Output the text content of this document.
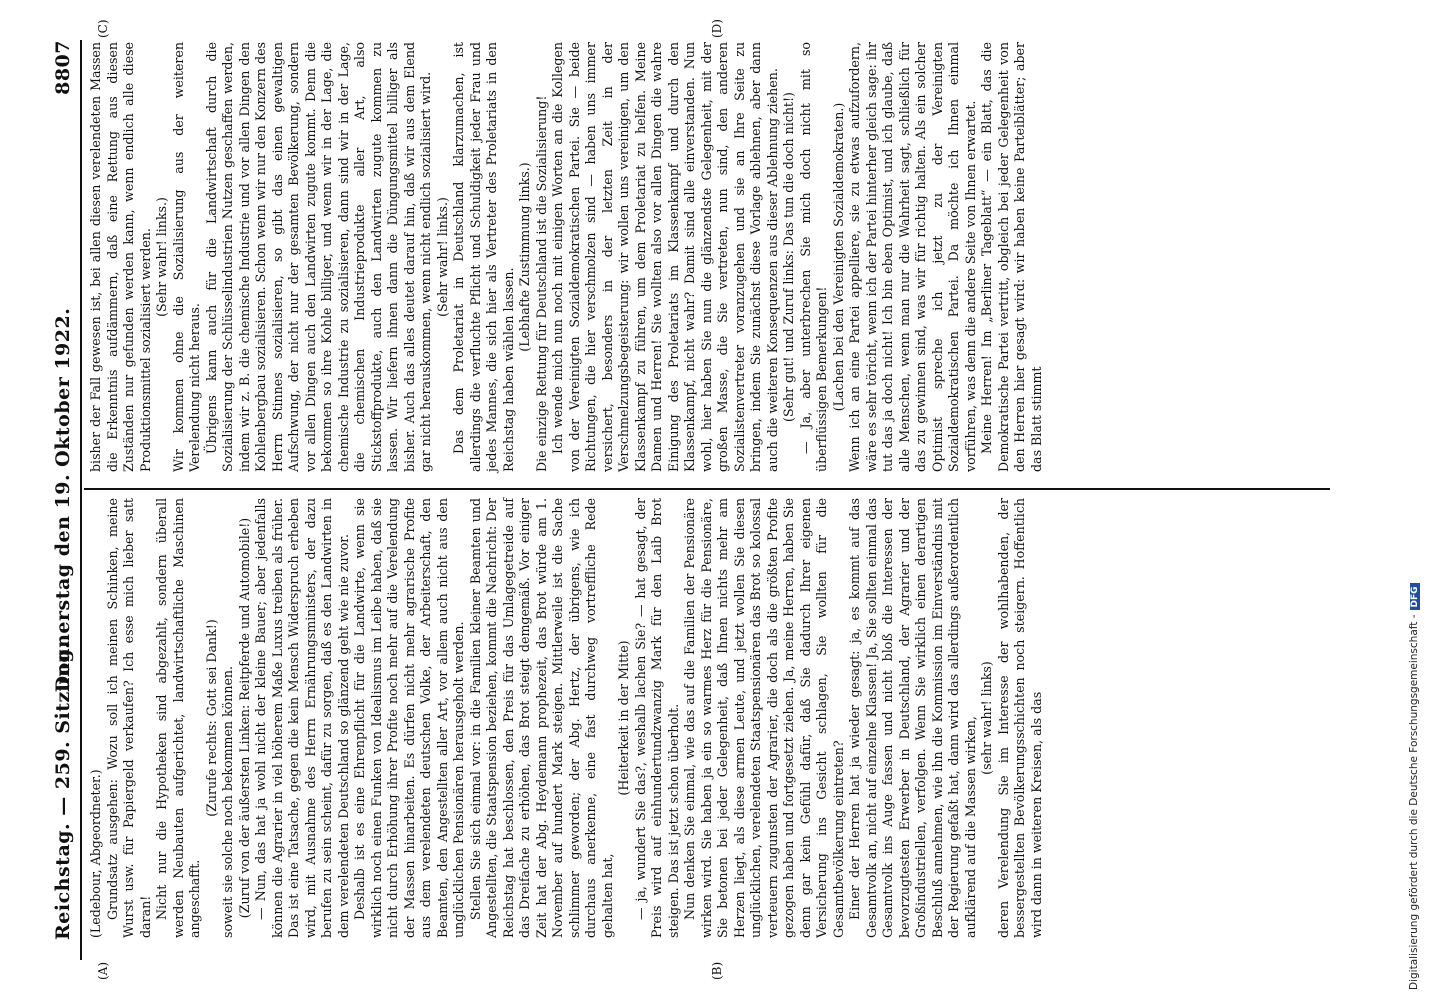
Reichstag. — 259. Sitzung.
Donnerstag den 19. Oktober 1922.
8807
(A)	(B)
(C)	(D)

(Ledebour, Abgeordneter.) Grundsatz ausgehen: Wozu soll ich meinen Schinken, meine Wurst usw. für Papiergeld verkaufen? Ich esse mich lieber satt daran! Nicht nur die Hypotheken sind abgezahlt, sondern überall werden Neubauten aufgerichtet, landwirtschaftliche Maschinen angeschafft.

(Zurufe rechts: Gott sei Dank!) soweit sie solche noch bekommen können. (Zuruf von der äußersten Linken: Reitpferde und Automobile!) — Nun, das hat ja wohl nicht der kleine Bauer; aber jedenfalls können die Agrarier in viel höherem Maße Luxus treiben als früher. Das ist eine Tatsache, gegen die kein Mensch Widerspruch erheben wird, mit Ausnahme des Herrn Ernährungsministers, der dazu berufen zu sein scheint, dafür zu sorgen, daß es den Landwirten in dem verelendeten Deutschland so glänzend geht wie nie zuvor. Deshalb ist es eine Ehrenpflicht für die Landwirte, wenn sie wirklich noch einen Funken von Idealismus im Leibe haben, daß sie nicht durch Erhöhung ihrer Profite noch mehr auf die Verelendung der Massen hinarbeiten. Es dürfen nicht mehr agrarische Profite aus dem verelendeten deutschen Volke, der Arbeiterschaft, den Beamten, den Angestellten aller Art, vor allem auch nicht aus den unglücklichen Pensionären herausgeholt werden. Stellen Sie sich einmal vor: in die Familien kleiner Beamten und Angestellten, die Staatspension beziehen, kommt die Nachricht: Der Reichstag hat beschlossen, den Preis für das Umlagegetreide auf das Dreifache zu erhöhen, das Brot steigt demgemäß. Vor einiger Zeit hat der Abg. Heydemann prophezeit, das Brot würde am 1. November auf hundert Mark steigen. Mittlerweile ist die Sache schlimmer geworden; der Abg. Hertz, der übrigens, wie ich durchaus anerkenne, eine fast durchweg vortreffliche Rede gehalten hat,

(Heiterkeit in der Mitte) — ja, wundert Sie das?, weshalb lachen Sie? — hat gesagt, der Preis wird auf einhundertundzwanzig Mark für den Laib Brot steigen. Das ist jetzt schon überholt. Nun denken Sie einmal, wie das auf die Familien der Pensionäre wirken wird. Sie haben ja ein so warmes Herz für die Pensionäre, Sie betonen bei jeder Gelegenheit, daß Ihnen nichts mehr am Herzen liegt, als diese armen Leute, und jetzt wollen Sie diesen unglücklichen, verelendeten Staatspensionären das Brot so kolossal verteuern zugunsten der Agrarier, die doch als die größten Profite gezogen haben und fortgesetzt ziehen. Ja, meine Herren, haben Sie denn gar kein Gefühl dafür, daß Sie dadurch Ihrer eigenen Versicherung ins Gesicht schlagen, Sie wollten für die Gesamtbevölkerung eintreten? Einer der Herren hat ja wieder gesagt: ja, es kommt auf das Gesamtvolk an, nicht auf einzelne Klassen! Ja, Sie sollten einmal das Gesamtvolk ins Auge fassen und nicht bloß die Interessen der bevorzugtesten Erwerber in Deutschland, der Agrarier und der Großindustriellen, verfolgen. Wenn Sie wirklich einen derartigen Beschluß annehmen, wie ihn die Kommission im Einverständnis mit der Regierung gefaßt hat, dann wird das allerdings außerordentlich aufklärend auf die Massen wirken, (sehr wahr! links) deren Verelendung Sie im Interesse der wohlhabenden, der bessergestellten Bevölkerungsschichten noch steigern. Hoffentlich wird dann in weiteren Kreisen, als das

bisher der Fall gewesen ist, bei allen diesen verelendeten Massen die Erkenntnis aufdämmern, daß eine Rettung aus diesen Zuständen nur gefunden werden kann, wenn endlich alle diese Produktionsmittel sozialisiert werden. (Sehr wahr! links.) Wir kommen ohne die Sozialisierung aus der weiteren Verelendung nicht heraus. Übrigens kann auch für die Landwirtschaft durch die Sozialisierung der Schlüsselindustrien Nutzen geschaffen werden, indem wir z. B. die chemische Industrie und vor allen Dingen den Kohlenbergbau sozialisieren. Schon wenn wir nur den Konzern des Herrn Stinnes sozialisieren, so gibt das einen gewaltigen Aufschwung, der nicht nur der gesamten Bevölkerung, sondern vor allen Dingen auch den Landwirten zugute kommt. Denn die bekommen so ihre Kohle billiger, und wenn wir in der Lage, die chemische Industrie zu sozialisieren, dann sind wir in der Lage, die chemischen Industrieprodukte aller Art, also Stickstoffprodukte, auch den Landwirten zugute kommen zu lassen. Wir liefern ihnen dann die Düngungsmittel billiger als bisher. Auch das alles deutet darauf hin, daß wir aus dem Elend gar nicht herauskommen, wenn nicht endlich sozialisiert wird. (Sehr wahr! links.) Das dem Proletariat in Deutschland klarzumachen, ist allerdings die verfluchte Pflicht und Schuldigkeit jeder Frau und jedes Mannes, die sich hier als Vertreter des Proletariats in den Reichstag haben wählen lassen.

(Lebhafte Zustimmung links.) Die einzige Rettung für Deutschland ist die Sozialisierung! Ich wende mich nun noch mit einigen Worten an die Kollegen von der Vereinigten Sozialdemokratischen Partei. Sie — beide Richtungen, die hier verschmolzen sind — haben uns immer versichert, besonders in der letzten Zeit in der Verschmelzungsbegeisterung: wir wollen uns vereinigen, um den Klassenkampf zu führen, um dem Proletariat zu helfen. Meine Damen und Herren! Sie wollten also vor allen Dingen die wahre Einigung des Proletariats im Klassenkampf und durch den Klassenkampf, nicht wahr? Damit sind alle einverstanden. Nun wohl, hier haben Sie nun die glänzendste Gelegenheit, mit der großen Masse, die Sie vertreten, nun sind, den anderen Sozialistenvertreter voranzugehen und sie an Ihre Seite zu bringen, indem Sie zunächst diese Vorlage ablehnen, aber dann auch die weiteren Konsequenzen aus dieser Ablehnung ziehen. (Sehr gut! und Zuruf links: Das tun die doch nicht!) — Ja, aber unterbrechen Sie mich doch nicht mit so überflüssigen Bemerkungen! (Lachen bei den Vereinigten Sozialdemokraten.) Wenn ich an eine Partei appelliere, sie zu etwas aufzufordern, wäre es sehr töricht, wenn ich der Partei hinterher gleich sage: ihr tut das ja doch nicht! Ich bin eben Optimist, und ich glaube, daß alle Menschen, wenn man nur die Wahrheit sagt, schließlich für das zu gewinnen sind, was wir für richtig halten. Als ein solcher Optimist spreche ich jetzt zu der Vereinigten Sozialdemokratischen Partei. Da möchte ich Ihnen einmal vorführen, was denn die andere Seite von Ihnen erwartet. Meine Herren! Im „Berliner Tageblatt“ — ein Blatt, das die Demokratische Partei vertritt, obgleich bei jeder Gelegenheit von den Herren hier gesagt wird: wir haben keine Parteiblätter; aber das Blatt stimmt

Digitalisierung gefördert durch die Deutsche Forschungsgemeinschaft -DFG
